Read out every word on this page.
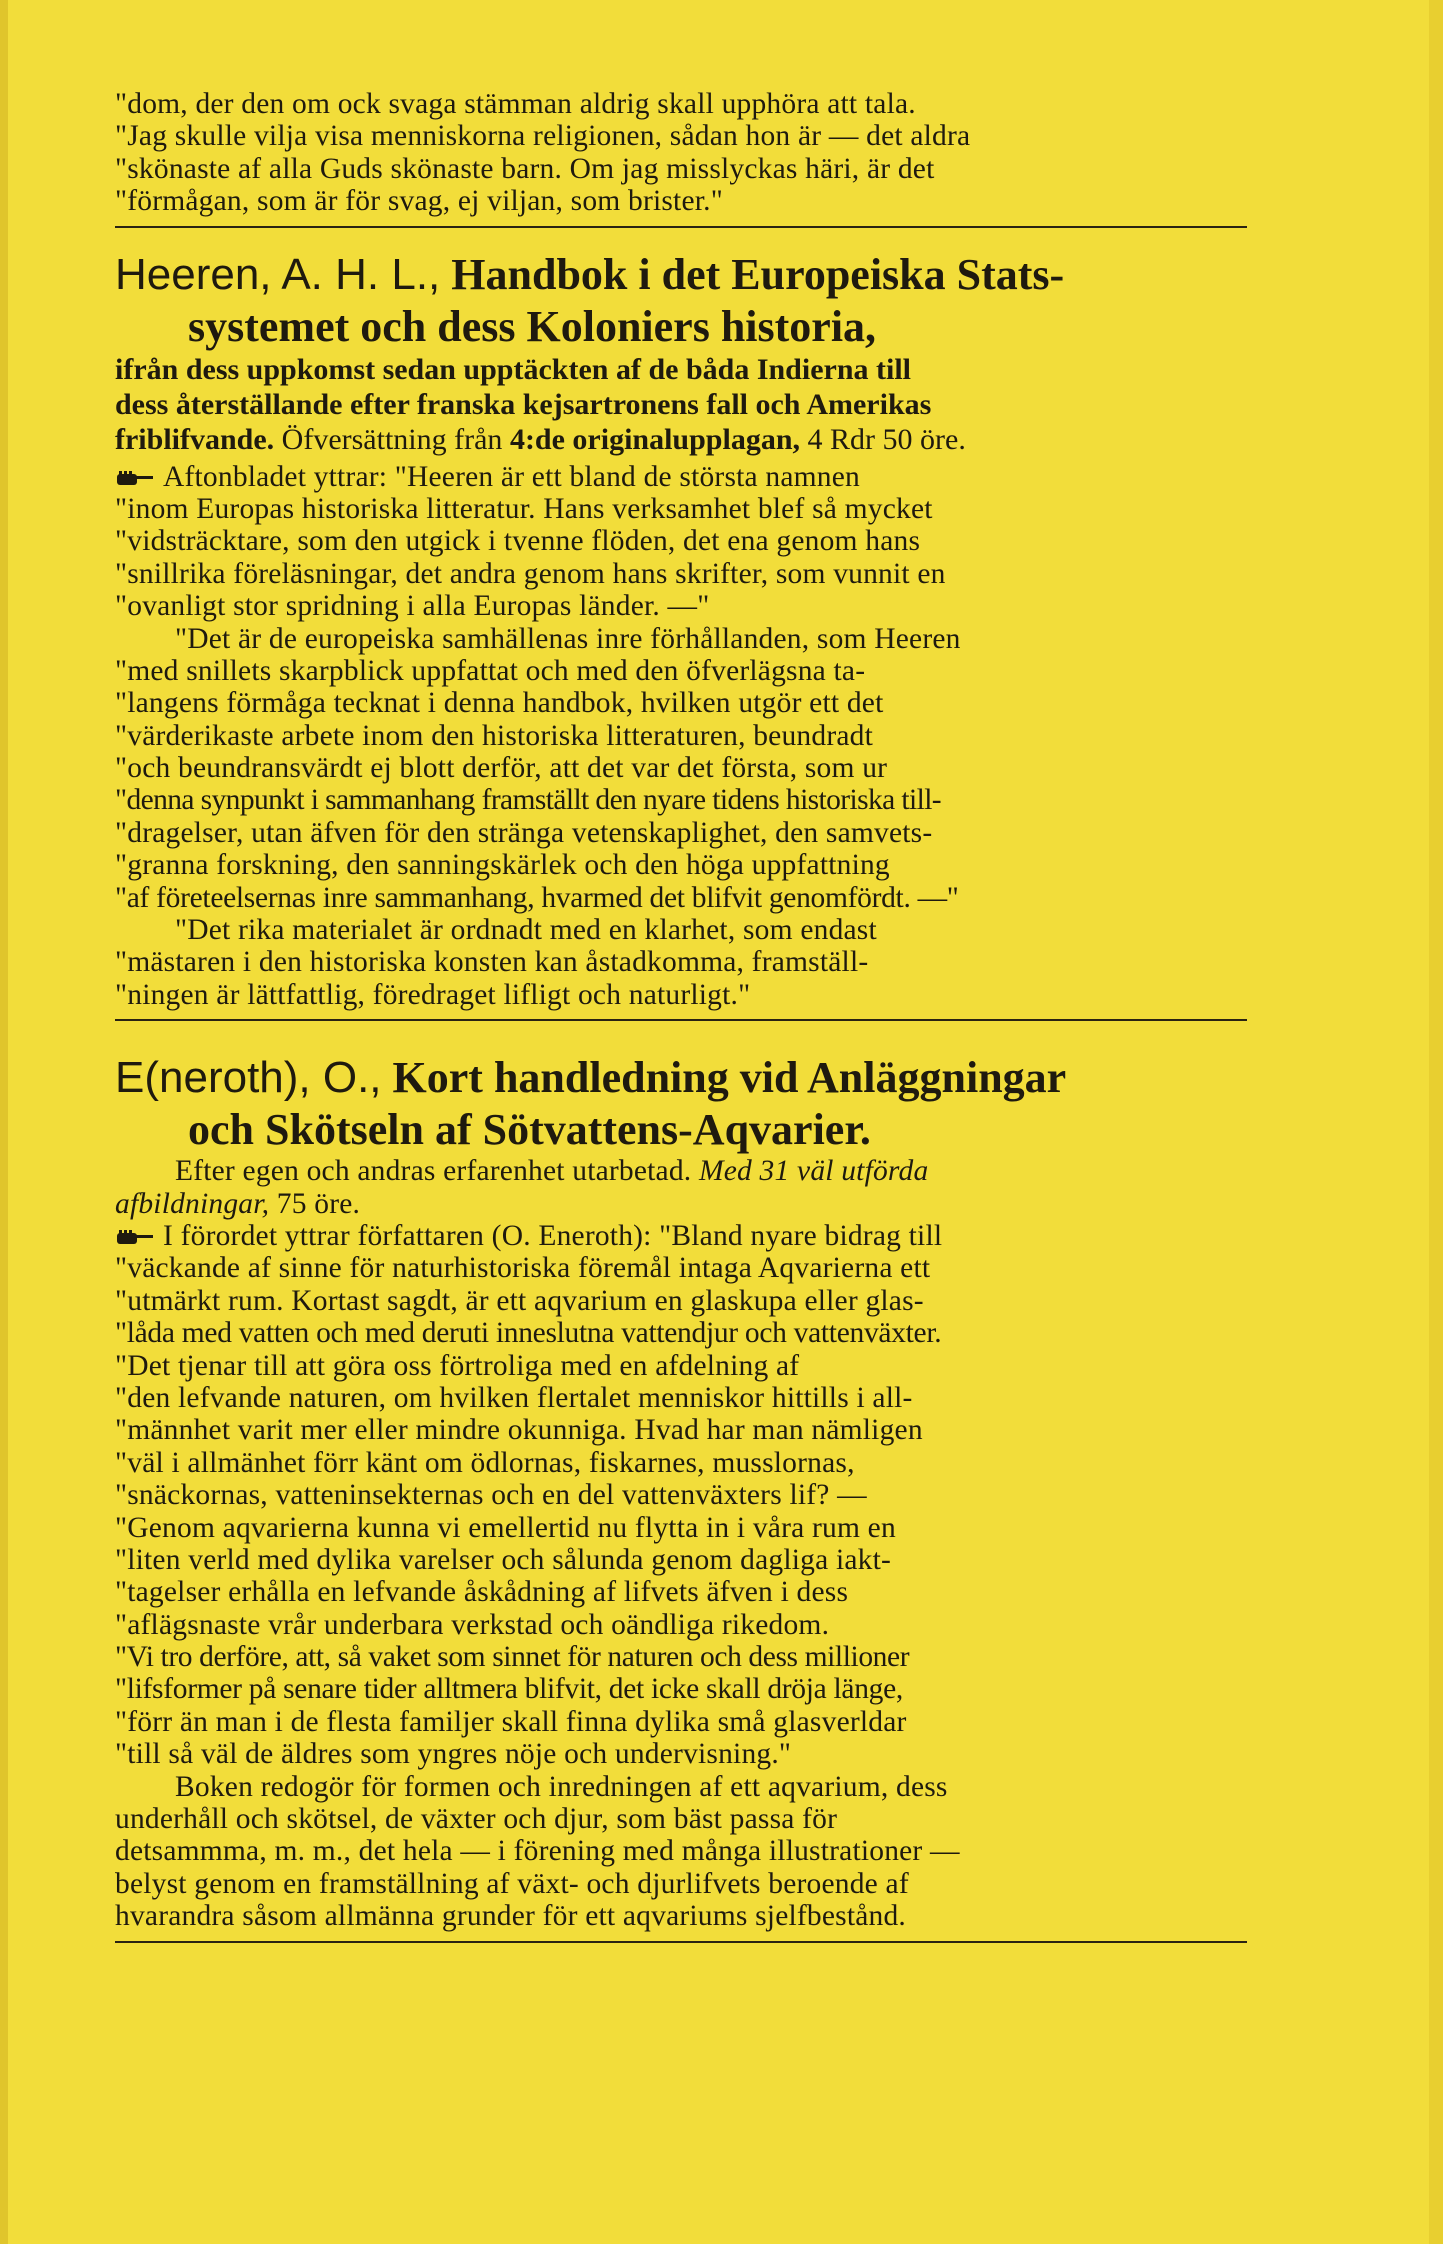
"dom, der den om ock svaga stämman aldrig skall upphöra att tala.
"Jag skulle vilja visa menniskorna religionen, sådan hon är — det aldra
"skönaste af alla Guds skönaste barn. Om jag misslyckas häri, är det
"förmågan, som är för svag, ej viljan, som brister."
Heeren, A. H. L., Handbok i det Europeiska Stats-
systemet och dess Koloniers historia,
ifrån dess uppkomst sedan upptäckten af de båda Indierna till
dess återställande efter franska kejsartronens fall och Amerikas
friblifvande. Öfversättning från 4:de originalupplagan, 4 Rdr 50 öre.
Aftonbladet yttrar: "Heeren är ett bland de största namnen
"inom Europas historiska litteratur. Hans verksamhet blef så mycket
"vidsträcktare, som den utgick i tvenne flöden, det ena genom hans
"snillrika föreläsningar, det andra genom hans skrifter, som vunnit en
"ovanligt stor spridning i alla Europas länder. —"
"Det är de europeiska samhällenas inre förhållanden, som Heeren
"med snillets skarpblick uppfattat och med den öfverlägsna ta-
"langens förmåga tecknat i denna handbok, hvilken utgör ett det
"värderikaste arbete inom den historiska litteraturen, beundradt
"och beundransvärdt ej blott derför, att det var det första, som ur
"denna synpunkt i sammanhang framställt den nyare tidens historiska till-
"dragelser, utan äfven för den stränga vetenskaplighet, den samvets-
"granna forskning, den sanningskärlek och den höga uppfattning
"af företeelsernas inre sammanhang, hvarmed det blifvit genomfördt. —"
"Det rika materialet är ordnadt med en klarhet, som endast
"mästaren i den historiska konsten kan åstadkomma, framställ-
"ningen är lättfattlig, föredraget lifligt och naturligt."
E(neroth), O., Kort handledning vid Anläggningar
och Skötseln af Sötvattens-Aqvarier.
Efter egen och andras erfarenhet utarbetad. Med 31 väl utförda
afbildningar, 75 öre.
I förordet yttrar författaren (O. Eneroth): "Bland nyare bidrag till
"väckande af sinne för naturhistoriska föremål intaga Aqvarierna ett
"utmärkt rum. Kortast sagdt, är ett aqvarium en glaskupa eller glas-
"låda med vatten och med deruti inneslutna vattendjur och vattenväxter.
"Det tjenar till att göra oss förtroliga med en afdelning af
"den lefvande naturen, om hvilken flertalet menniskor hittills i all-
"männhet varit mer eller mindre okunniga. Hvad har man nämligen
"väl i allmänhet förr känt om ödlornas, fiskarnes, musslornas,
"snäckornas, vatteninsekternas och en del vattenväxters lif? —
"Genom aqvarierna kunna vi emellertid nu flytta in i våra rum en
"liten verld med dylika varelser och sålunda genom dagliga iakt-
"tagelser erhålla en lefvande åskådning af lifvets äfven i dess
"aflägsnaste vrår underbara verkstad och oändliga rikedom.
"Vi tro derföre, att, så vaket som sinnet för naturen och dess millioner
"lifsformer på senare tider alltmera blifvit, det icke skall dröja länge,
"förr än man i de flesta familjer skall finna dylika små glasverldar
"till så väl de äldres som yngres nöje och undervisning."
Boken redogör för formen och inredningen af ett aqvarium, dess
underhåll och skötsel, de växter och djur, som bäst passa för
detsammma, m. m., det hela — i förening med många illustrationer —
belyst genom en framställning af växt- och djurlifvets beroende af
hvarandra såsom allmänna grunder för ett aqvariums sjelfbestånd.
